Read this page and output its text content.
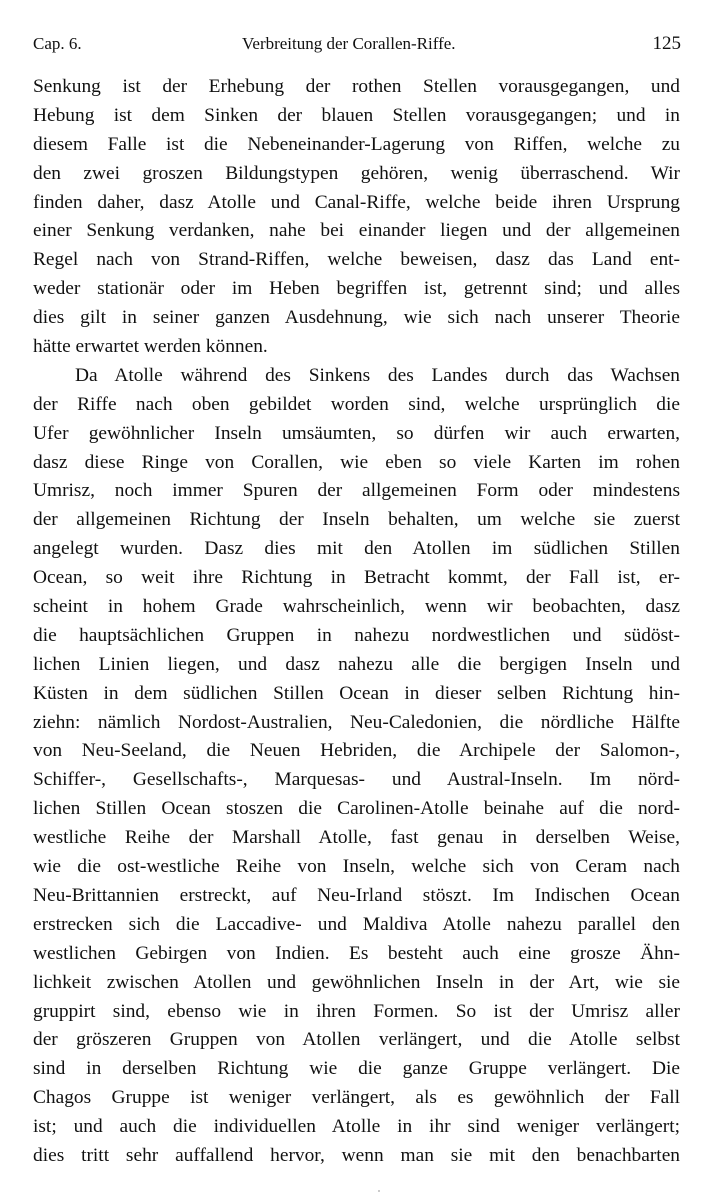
Cap. 6.	Verbreitung der Corallen-Riffe.	125
Senkung ist der Erhebung der rothen Stellen vorausgegangen, und
Hebung ist dem Sinken der blauen Stellen vorausgegangen; und in
diesem Falle ist die Nebeneinander-Lagerung von Riffen, welche zu
den zwei groszen Bildungstypen gehören, wenig überraschend. Wir
finden daher, dasz Atolle und Canal-Riffe, welche beide ihren Ursprung
einer Senkung verdanken, nahe bei einander liegen und der allgemeinen
Regel nach von Strand-Riffen, welche beweisen, dasz das Land ent-
weder stationär oder im Heben begriffen ist, getrennt sind; und alles
dies gilt in seiner ganzen Ausdehnung, wie sich nach unserer Theorie
hätte erwartet werden können.
Da Atolle während des Sinkens des Landes durch das Wachsen
der Riffe nach oben gebildet worden sind, welche ursprünglich die
Ufer gewöhnlicher Inseln umsäumten, so dürfen wir auch erwarten,
dasz diese Ringe von Corallen, wie eben so viele Karten im rohen
Umrisz, noch immer Spuren der allgemeinen Form oder mindestens
der allgemeinen Richtung der Inseln behalten, um welche sie zuerst
angelegt wurden. Dasz dies mit den Atollen im südlichen Stillen
Ocean, so weit ihre Richtung in Betracht kommt, der Fall ist, er-
scheint in hohem Grade wahrscheinlich, wenn wir beobachten, dasz
die hauptsächlichen Gruppen in nahezu nordwestlichen und südöst-
lichen Linien liegen, und dasz nahezu alle die bergigen Inseln und
Küsten in dem südlichen Stillen Ocean in dieser selben Richtung hin-
ziehn: nämlich Nordost-Australien, Neu-Caledonien, die nördliche Hälfte
von Neu-Seeland, die Neuen Hebriden, die Archipele der Salomon-,
Schiffer-, Gesellschafts-, Marquesas- und Austral-Inseln. Im nörd-
lichen Stillen Ocean stoszen die Carolinen-Atolle beinahe auf die nord-
westliche Reihe der Marshall Atolle, fast genau in derselben Weise,
wie die ost-westliche Reihe von Inseln, welche sich von Ceram nach
Neu-Brittannien erstreckt, auf Neu-Irland stöszt. Im Indischen Ocean
erstrecken sich die Laccadive- und Maldiva Atolle nahezu parallel den
westlichen Gebirgen von Indien. Es besteht auch eine grosze Ähn-
lichkeit zwischen Atollen und gewöhnlichen Inseln in der Art, wie sie
gruppirt sind, ebenso wie in ihren Formen. So ist der Umrisz aller
der gröszeren Gruppen von Atollen verlängert, und die Atolle selbst
sind in derselben Richtung wie die ganze Gruppe verlängert. Die
Chagos Gruppe ist weniger verlängert, als es gewöhnlich der Fall
ist; und auch die individuellen Atolle in ihr sind weniger verlängert;
dies tritt sehr auffallend hervor, wenn man sie mit den benachbarten
